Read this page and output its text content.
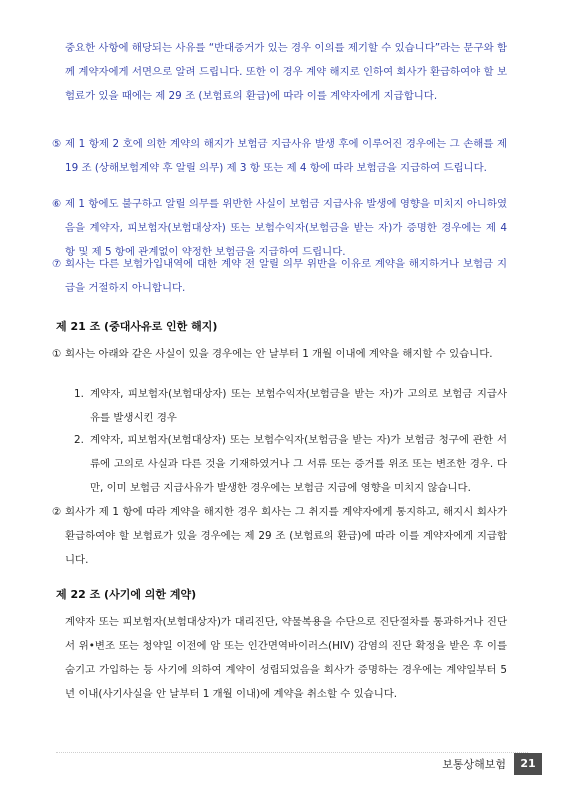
중요한 사항에 해당되는 사유를 “반대증거가 있는 경우 이의를 제기할 수 있습니다”라는 문구와 함께 계약자에게 서면으로 알려 드립니다. 또한 이 경우 계약 해지로 인하여 회사가 환급하여야 할 보험료가 있을 때에는 제 29 조 (보험료의 환급)에 따라 이를 계약자에게 지급합니다.
⑤ 제 1 항제 2 호에 의한 계약의 해지가 보험금 지급사유 발생 후에 이루어진 경우에는 그 손해를 제 19 조 (상해보험계약 후 알릴 의무) 제 3 항 또는 제 4 항에 따라 보험금을 지급하여 드립니다.
⑥ 제 1 항에도 불구하고 알릴 의무를 위반한 사실이 보험금 지급사유 발생에 영향을 미치지 아니하였음을 계약자, 피보험자(보험대상자) 또는 보험수익자(보험금을 받는 자)가 증명한 경우에는 제 4 항 및 제 5 항에 관계없이 약정한 보험금을 지급하여 드립니다.
⑦ 회사는 다른 보험가입내역에 대한 계약 전 알릴 의무 위반을 이유로 계약을 해지하거나 보험금 지급을 거절하지 아니합니다.
제 21 조 (중대사유로 인한 해지)
① 회사는 아래와 같은 사실이 있을 경우에는 안 날부터 1 개월 이내에 계약을 해지할 수 있습니다.
1. 계약자, 피보험자(보험대상자) 또는 보험수익자(보험금을 받는 자)가 고의로 보험금 지급사유를 발생시킨 경우
2. 계약자, 피보험자(보험대상자) 또는 보험수익자(보험금을 받는 자)가 보험금 청구에 관한 서류에 고의로 사실과 다른 것을 기재하였거나 그 서류 또는 증거를 위조 또는 변조한 경우. 다만, 이미 보험금 지급사유가 발생한 경우에는 보험금 지급에 영향을 미치지 않습니다.
② 회사가 제 1 항에 따라 계약을 해지한 경우 회사는 그 취지를 계약자에게 통지하고, 해지시 회사가 환급하여야 할 보험료가 있을 경우에는 제 29 조 (보험료의 환급)에 따라 이를 계약자에게 지급합니다.
제 22 조 (사기에 의한 계약)
계약자 또는 피보험자(보험대상자)가 대리진단, 약물복용을 수단으로 진단절차를 통과하거나 진단서 위•변조 또는 청약일 이전에 암 또는 인간면역바이러스(HIV) 감염의 진단 확정을 받은 후 이를 숨기고 가입하는 등 사기에 의하여 계약이 성립되었음을 회사가 증명하는 경우에는 계약일부터 5 년 이내(사기사실을 안 날부터 1 개월 이내)에 계약을 취소할 수 있습니다.
보통상해보험	21
